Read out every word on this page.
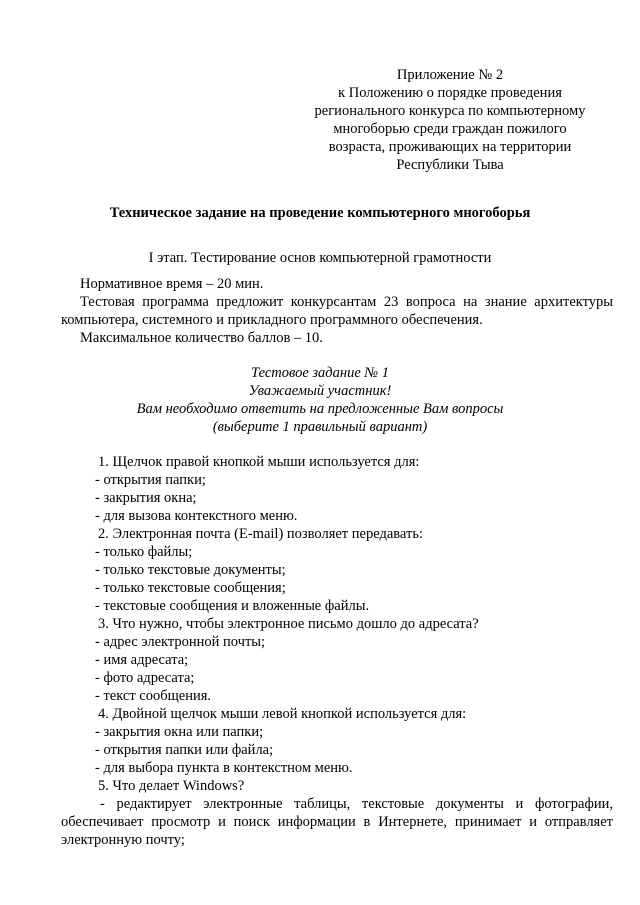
Приложение № 2
к Положению о порядке проведения
регионального конкурса по компьютерному
многоборью среди граждан пожилого
возраста, проживающих на территории
Республики Тыва
Техническое задание на проведение компьютерного многоборья
I этап. Тестирование основ компьютерной грамотности
Нормативное время – 20 мин.
Тестовая программа предложит конкурсантам 23 вопроса на знание архитектуры
компьютера, системного и прикладного программного обеспечения.
Максимальное количество баллов – 10.
Тестовое задание № 1
Уважаемый участник!
Вам необходимо ответить на предложенные Вам вопросы
(выберите 1 правильный вариант)
1. Щелчок правой кнопкой мыши используется для:
- открытия папки;
- закрытия окна;
- для вызова контекстного меню.
2. Электронная почта (E-mail) позволяет передавать:
- только файлы;
- только текстовые документы;
- только текстовые сообщения;
- текстовые сообщения и вложенные файлы.
3. Что нужно, чтобы электронное письмо дошло до адресата?
- адрес электронной почты;
- имя адресата;
- фото адресата;
- текст сообщения.
4. Двойной щелчок мыши левой кнопкой используется для:
- закрытия окна или папки;
- открытия папки или файла;
- для выбора пункта в контекстном меню.
5. Что делает Windows?
- редактирует электронные таблицы, текстовые документы и фотографии, обеспечивает просмотр и поиск информации в Интернете, принимает и отправляет электронную почту;
